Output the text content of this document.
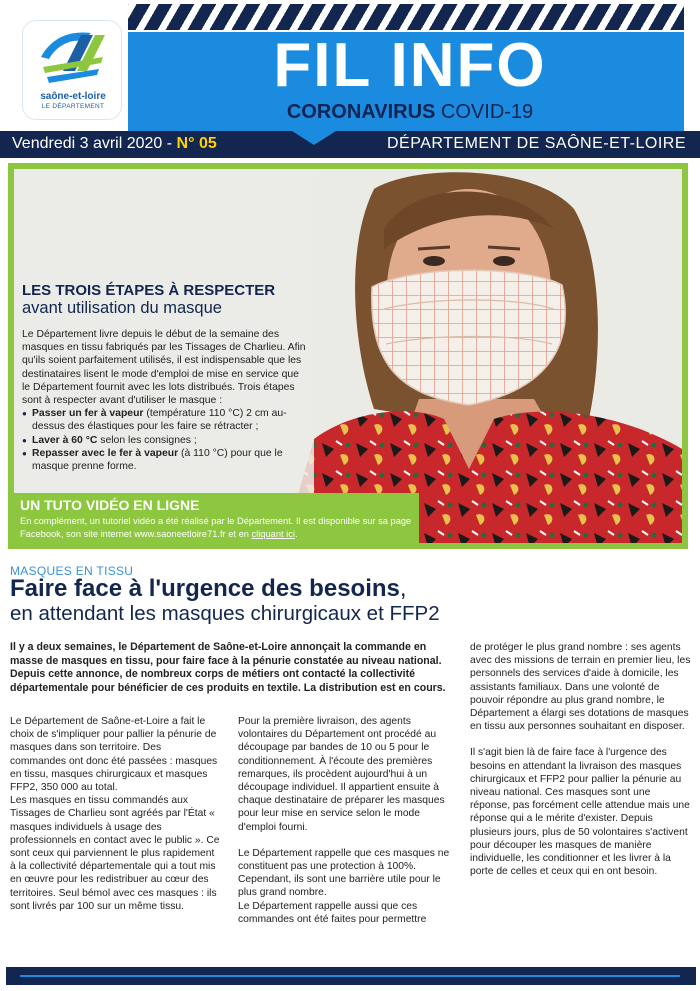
saône-et-loire
LE DÉPARTEMENT
FIL INFO
CORONAVIRUS COVID-19
Vendredi 3 avril 2020 - N° 05	DÉPARTEMENT DE SAÔNE-ET-LOIRE
LES TROIS ÉTAPES À RESPECTER
avant utilisation du masque

Le Département livre depuis le début de la semaine des masques en tissu fabriqués par les Tissages de Charlieu. Afin qu'ils soient parfaitement utilisés, il est indispensable que les destinataires lisent le mode d'emploi de mise en service que le Département fournit avec les lots distribués. Trois étapes sont à respecter avant d'utiliser le masque :

● Passer un fer à vapeur (température 110 °C) 2 cm au-dessus des élastiques pour les faire se rétracter ;
● Laver à 60 °C selon les consignes ;
● Repasser avec le fer à vapeur (à 110 °C) pour que le masque prenne forme.
UN TUTO VIDÉO EN LIGNE
En complément, un tutoriel vidéo a été réalisé par le Département. Il est disponible sur sa page Facebook, son site internet www.saoneetloire71.fr et en cliquant ici.
MASQUES EN TISSU
Faire face à l'urgence des besoins,
en attendant les masques chirurgicaux et FFP2
Il y a deux semaines, le Département de Saône-et-Loire annonçait la commande en masse de masques en tissu, pour faire face à la pénurie constatée au niveau national. Depuis cette annonce, de nombreux corps de métiers ont contacté la collectivité départementale pour bénéficier de ces produits en textile. La distribution est en cours.

Le Département de Saône-et-Loire a fait le choix de s'impliquer pour pallier la pénurie de masques dans son territoire. Des commandes ont donc été passées : masques en tissu, masques chirurgicaux et masques FFP2, 350 000 au total.

Les masques en tissu commandés aux Tissages de Charlieu sont agréés par l'État « masques individuels à usage des professionnels en contact avec le public ». Ce sont ceux qui parviennent le plus rapidement à la collectivité départementale qui a tout mis en œuvre pour les redistribuer au cœur des territoires. Seul bémol avec ces masques : ils sont livrés par 100 sur un même tissu.

Pour la première livraison, des agents volontaires du Département ont procédé au découpage par bandes de 10 ou 5 pour le conditionnement. À l'écoute des premières remarques, ils procèdent aujourd'hui à un découpage individuel. Il appartient ensuite à chaque destinataire de préparer les masques pour leur mise en service selon le mode d'emploi fourni.

Le Département rappelle que ces masques ne constituent pas une protection à 100%. Cependant, ils sont une barrière utile pour le plus grand nombre.

Le Département rappelle aussi que ces commandes ont été faites pour permettre

de protéger le plus grand nombre : ses agents avec des missions de terrain en premier lieu, les personnels des services d'aide à domicile, les assistants familiaux. Dans une volonté de pouvoir répondre au plus grand nombre, le Département a élargi ses dotations de masques en tissu aux personnes souhaitant en disposer.

Il s'agit bien là de faire face à l'urgence des besoins en attendant la livraison des masques chirurgicaux et FFP2 pour pallier la pénurie au niveau national. Ces masques sont une réponse, pas forcément celle attendue mais une réponse qui a le mérite d'exister. Depuis plusieurs jours, plus de 50 volontaires s'activent pour découper les masques de manière individuelle, les conditionner et les livrer à la porte de celles et ceux qui en ont besoin.
